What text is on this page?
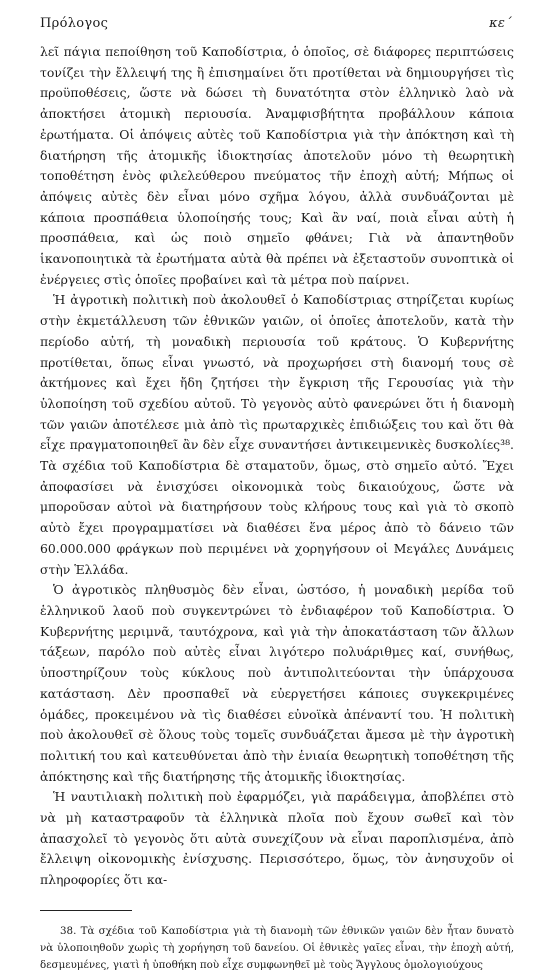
Πρόλογος	κε΄

λεῖ πάγια πεποίθηση τοῦ Καποδίστρια, ὁ ὁποῖος, σὲ διάφορες περιπτώσεις τονίζει τὴν ἔλλειψή της ἢ ἐπισημαίνει ὅτι προτίθεται νὰ δημιουργήσει τὶς προϋποθέσεις, ὥστε νὰ δώσει τὴ δυνατότητα στὸν ἑλληνικὸ λαὸ νὰ ἀποκτήσει ἀτομικὴ περιουσία. Ἀναμφισβήτητα προβάλλουν κάποια ἐρωτήματα. Οἱ ἀπόψεις αὐτὲς τοῦ Καποδίστρια γιὰ τὴν ἀπόκτηση καὶ τὴ διατήρηση τῆς ἀτομικῆς ἰδιοκτησίας ἀποτελοῦν μόνο τὴ θεωρητικὴ τοποθέτηση ἑνὸς φιλελεύθερου πνεύματος τῆν ἐποχὴ αὐτή; Μήπως οἱ ἀπόψεις αὐτὲς δὲν εἶναι μόνο σχῆμα λόγου, ἀλλὰ συνδυάζονται μὲ κάποια προσπάθεια ὑλοποίησής τους; Καὶ ἂν ναί, ποιὰ εἶναι αὐτὴ ἡ προσπάθεια, καὶ ὡς ποιὸ σημεῖο φθάνει; Γιὰ νὰ ἀπαντηθοῦν ἱκανοποιητικὰ τὰ ἐρωτήματα αὐτὰ θὰ πρέπει νὰ ἐξεταστοῦν συνοπτικὰ οἱ ἐνέργειες στὶς ὁποῖες προβαίνει καὶ τὰ μέτρα ποὺ παίρνει.

Ἡ ἀγροτικὴ πολιτικὴ ποὺ ἀκολουθεῖ ὁ Καποδίστριας στηρίζεται κυρίως στὴν ἐκμετάλλευση τῶν ἐθνικῶν γαιῶν, οἱ ὁποῖες ἀποτελοῦν, κατὰ τὴν περίοδο αὐτή, τὴ μοναδικὴ περιουσία τοῦ κράτους. Ὁ Κυβερνήτης προτίθεται, ὅπως εἶναι γνωστό, νὰ προχωρήσει στὴ διανομή τους σὲ ἀκτήμονες καὶ ἔχει ἤδη ζητήσει τὴν ἔγκριση τῆς Γερουσίας γιὰ τὴν ὑλοποίηση τοῦ σχεδίου αὐτοῦ. Τὸ γεγονὸς αὐτὸ φανερώνει ὅτι ἡ διανομὴ τῶν γαιῶν ἀποτέλεσε μιὰ ἀπὸ τὶς πρωταρχικὲς ἐπιδιώξεις του καὶ ὅτι θὰ εἶχε πραγματοποιηθεῖ ἂν δὲν εἶχε συναντήσει ἀντικειμενικὲς δυσκολίες³⁸. Τὰ σχέδια τοῦ Καποδίστρια δὲ σταματοῦν, ὅμως, στὸ σημεῖο αὐτό. Ἔχει ἀποφασίσει νὰ ἐνισχύσει οἰκονομικὰ τοὺς δικαιούχους, ὥστε νὰ μποροῦσαν αὐτοὶ νὰ διατηρήσουν τοὺς κλήρους τους καὶ γιὰ τὸ σκοπὸ αὐτὸ ἔχει προγραμματίσει νὰ διαθέσει ἕνα μέρος ἀπὸ τὸ δάνειο τῶν 60.000.000 φράγκων ποὺ περιμένει νὰ χορηγήσουν οἱ Μεγάλες Δυνάμεις στὴν Ἑλλάδα.

Ὁ ἀγροτικὸς πληθυσμὸς δὲν εἶναι, ὡστόσο, ἡ μοναδικὴ μερίδα τοῦ ἑλληνικοῦ λαοῦ ποὺ συγκεντρώνει τὸ ἐνδιαφέρον τοῦ Καποδίστρια. Ὁ Κυβερνήτης μεριμνᾶ, ταυτόχρονα, καὶ γιὰ τὴν ἀποκατάσταση τῶν ἄλλων τάξεων, παρόλο ποὺ αὐτὲς εἶναι λιγότερο πολυάριθμες καί, συνήθως, ὑποστηρίζουν τοὺς κύκλους ποὺ ἀντιπολιτεύονται τὴν ὑπάρχουσα κατάσταση. Δὲν προσπαθεῖ νὰ εὐεργετήσει κάποιες συγκεκριμένες ὁμάδες, προκειμένου νὰ τὶς διαθέσει εὐνοϊκὰ ἀπέναντί του. Ἡ πολιτικὴ ποὺ ἀκολουθεῖ σὲ ὅλους τοὺς τομεῖς συνδυάζεται ἄμεσα μὲ τὴν ἀγροτικὴ πολιτική του καὶ κατευθύνεται ἀπὸ τὴν ἑνιαία θεωρητικὴ τοποθέτηση τῆς ἀπόκτησης καὶ τῆς διατήρησης τῆς ἀτομικῆς ἰδιοκτησίας.

Ἡ ναυτιλιακὴ πολιτικὴ ποὺ ἐφαρμόζει, γιὰ παράδειγμα, ἀποβλέπει στὸ νὰ μὴ καταστραφοῦν τὰ ἑλληνικὰ πλοῖα ποὺ ἔχουν σωθεῖ καὶ τὸν ἀπασχολεῖ τὸ γεγονὸς ὅτι αὐτὰ συνεχίζουν νὰ εἶναι παροπλισμένα, ἀπὸ ἔλλειψη οἰκονομικὴς ἐνίσχυσης. Περισσότερο, ὅμως, τὸν ἀνησυχοῦν οἱ πληροφορίες ὅτι κα-

38. Τὰ σχέδια τοῦ Καποδίστρια γιὰ τὴ διανομὴ τῶν ἐθνικῶν γαιῶν δὲν ἦταν δυνατὸ νὰ ὑλοποιηθοῦν χωρὶς τὴ χορήγηση τοῦ δανείου. Οἱ ἐθνικὲς γαῖες εἶναι, τὴν ἐποχὴ αὐτή, δεσμευμένες, γιατὶ ἡ ὑποθήκη ποὺ εἶχε συμφωνηθεῖ μὲ τοὺς Ἄγγλους ὁμολογιούχους
